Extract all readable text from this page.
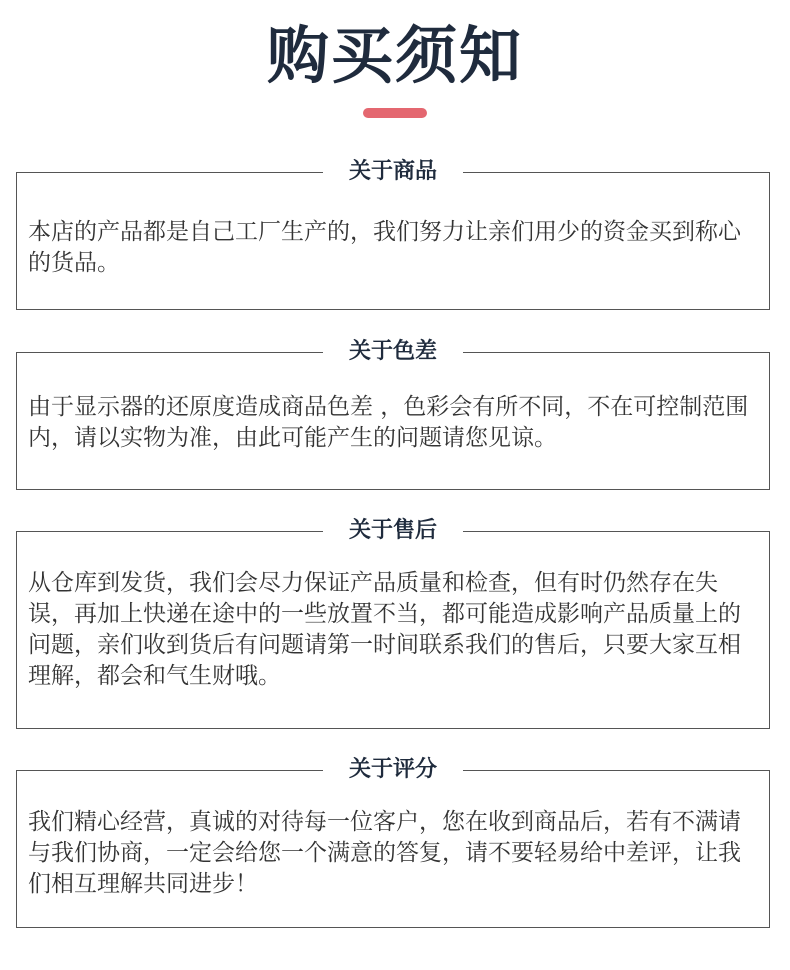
购买须知
关于商品

本店的产品都是自己工厂生产的，我们努力让亲们用少的资金买到称心的货品。

关于色差

由于显示器的还原度造成商品色差 ，色彩会有所不同，不在可控制范围内，请以实物为准，由此可能产生的问题请您见谅。

关于售后

从仓库到发货，我们会尽力保证产品质量和检查，但有时仍然存在失误，再加上快递在途中的一些放置不当，都可能造成影响产品质量上的问题，亲们收到货后有问题请第一时间联系我们的售后，只要大家互相理解，都会和气生财哦。

关于评分

我们精心经营，真诚的对待每一位客户，您在收到商品后，若有不满请与我们协商，一定会给您一个满意的答复，请不要轻易给中差评，让我们相互理解共同进步！
